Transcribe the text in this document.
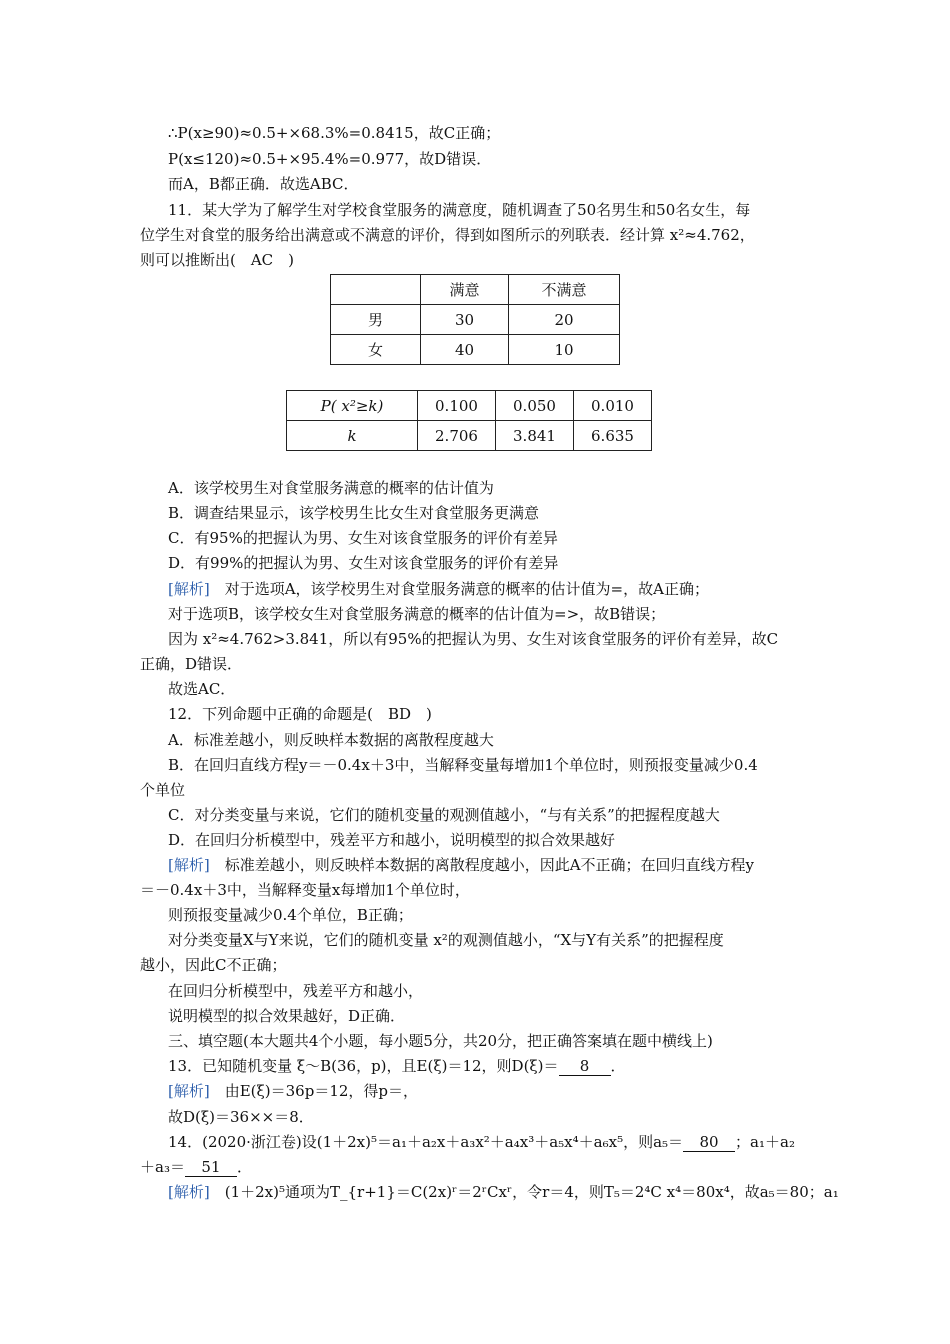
∴P(x≥90)≈0.5+×68.3%=0.8415，故C正确；
P(x≤120)≈0.5+×95.4%=0.977，故D错误．
而A，B都正确．故选ABC．
11．某大学为了解学生对学校食堂服务的满意度，随机调查了50名男生和50名女生，每
位学生对食堂的服务给出满意或不满意的评价，得到如图所示的列联表．经计算 x²≈4.762，
则可以推断出(　AC　)
	满意	不满意
男	30	20
女	40	10
P( x²≥k)	0.100	0.050	0.010
k	2.706	3.841	6.635
A．该学校男生对食堂服务满意的概率的估计值为
B．调查结果显示，该学校男生比女生对食堂服务更满意
C．有95%的把握认为男、女生对该食堂服务的评价有差异
D．有99%的把握认为男、女生对该食堂服务的评价有差异
[解析]　对于选项A，该学校男生对食堂服务满意的概率的估计值为=，故A正确；
对于选项B，该学校女生对食堂服务满意的概率的估计值为=>，故B错误；
因为 x²≈4.762>3.841，所以有95%的把握认为男、女生对该食堂服务的评价有差异，故C
正确，D错误．
故选AC．
12．下列命题中正确的命题是(　BD　)
A．标准差越小，则反映样本数据的离散程度越大
B．在回归直线方程y＝－0.4x＋3中，当解释变量每增加1个单位时，则预报变量减少0.4
个单位
C．对分类变量与来说，它们的随机变量的观测值越小，“与有关系”的把握程度越大
D．在回归分析模型中，残差平方和越小，说明模型的拟合效果越好
[解析]　标准差越小，则反映样本数据的离散程度越小，因此A不正确；在回归直线方程y
＝－0.4x＋3中，当解释变量x每增加1个单位时，
则预报变量减少0.4个单位，B正确；
对分类变量X与Y来说，它们的随机变量 x²的观测值越小，“X与Y有关系”的把握程度
越小，因此C不正确；
在回归分析模型中，残差平方和越小，
说明模型的拟合效果越好，D正确．
三、填空题(本大题共4个小题，每小题5分，共20分，把正确答案填在题中横线上)
13．已知随机变量 ξ～B(36，p)，且E(ξ)＝12，则D(ξ)＝ 8 ．
[解析]　由E(ξ)＝36p＝12，得p＝，
故D(ξ)＝36××＝8．
14．(2020·浙江卷)设(1＋2x)⁵＝a₁＋a₂x＋a₃x²＋a₄x³＋a₅x⁴＋a₆x⁵，则a₅＝ 80 ；a₁＋a₂
＋a₃＝ 51 ．
[解析]　(1＋2x)⁵通项为T_{r+1}＝C(2x)ʳ＝2ʳCxʳ，令r＝4，则T₅＝2⁴C x⁴＝80x⁴，故a₅＝80；a₁
